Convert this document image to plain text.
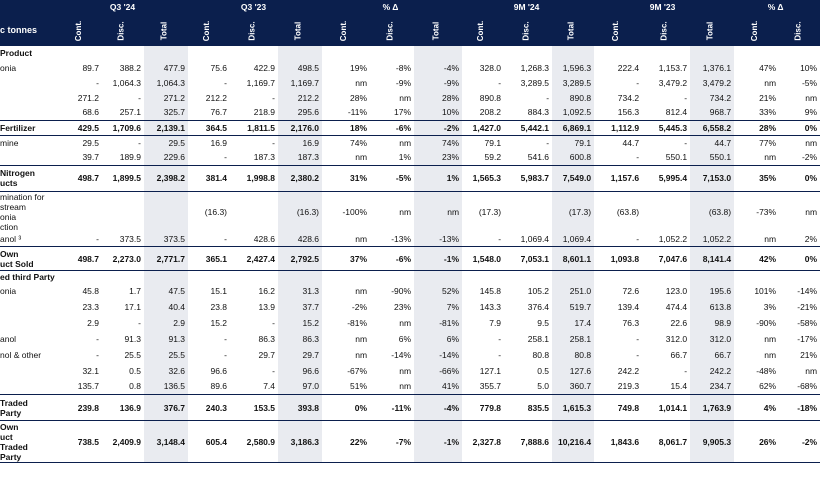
	Q3 '24			Q3 '23			% Δ			9M '24			9M '23			% Δ		
c tonnes	Cont.	Disc.	Total	Cont.	Disc.	Total	Cont.	Disc.	Total	Cont.	Disc.	Total	Cont.	Disc.	Total	Cont.	Disc.	
Product																		
onia	89.7	388.2	477.9	75.6	422.9	498.5	19%	-8%	-4%	328.0	1,268.3	1,596.3	222.4	1,153.7	1,376.1	47%	10%	
	-	1,064.3	1,064.3	-	1,169.7	1,169.7	nm	-9%	-9%	-	3,289.5	3,289.5	-	3,479.2	3,479.2	nm	-5%	
	271.2	-	271.2	212.2	-	212.2	28%	nm	28%	890.8	-	890.8	734.2	-	734.2	21%	nm	
	68.6	257.1	325.7	76.7	218.9	295.6	-11%	17%	10%	208.2	884.3	1,092.5	156.3	812.4	968.7	33%	9%	
Fertilizer	429.5	1,709.6	2,139.1	364.5	1,811.5	2,176.0	18%	-6%	-2%	1,427.0	5,442.1	6,869.1	1,112.9	5,445.3	6,558.2	28%	0%	
mine	29.5	-	29.5	16.9	-	16.9	74%	nm	74%	79.1	-	79.1	44.7	-	44.7	77%	nm	
	39.7	189.9	229.6	-	187.3	187.3	nm	1%	23%	59.2	541.6	600.8	-	550.1	550.1	nm	-2%	
Nitrogen
ucts	498.7	1,899.5	2,398.2	381.4	1,998.8	2,380.2	31%	-5%	1%	1,565.3	5,983.7	7,549.0	1,157.6	5,995.4	7,153.0	35%	0%	
mination for
stream
onia
ction				(16.3)		(16.3)	-100%	nm	nm	(17.3)		(17.3)	(63.8)		(63.8)	-73%	nm	
anol ³	-	373.5	373.5	-	428.6	428.6	nm	-13%	-13%	-	1,069.4	1,069.4	-	1,052.2	1,052.2	nm	2%	
Own
uct Sold	498.7	2,273.0	2,771.7	365.1	2,427.4	2,792.5	37%	-6%	-1%	1,548.0	7,053.1	8,601.1	1,093.8	7,047.6	8,141.4	42%	0%	
ed third Party																		
onia	45.8	1.7	47.5	15.1	16.2	31.3	nm	-90%	52%	145.8	105.2	251.0	72.6	123.0	195.6	101%	-14%	
	23.3	17.1	40.4	23.8	13.9	37.7	-2%	23%	7%	143.3	376.4	519.7	139.4	474.4	613.8	3%	-21%	
	2.9	-	2.9	15.2	-	15.2	-81%	nm	-81%	7.9	9.5	17.4	76.3	22.6	98.9	-90%	-58%	
anol	-	91.3	91.3	-	86.3	86.3	nm	6%	6%	-	258.1	258.1	-	312.0	312.0	nm	-17%	
nol & other	-	25.5	25.5	-	29.7	29.7	nm	-14%	-14%	-	80.8	80.8	-	66.7	66.7	nm	21%	
	32.1	0.5	32.6	96.6	-	96.6	-67%	nm	-66%	127.1	0.5	127.6	242.2	-	242.2	-48%	nm	
	135.7	0.8	136.5	89.6	7.4	97.0	51%	nm	41%	355.7	5.0	360.7	219.3	15.4	234.7	62%	-68%	
Traded
Party	239.8	136.9	376.7	240.3	153.5	393.8	0%	-11%	-4%	779.8	835.5	1,615.3	749.8	1,014.1	1,763.9	4%	-18%	
Own
uct
Traded
Party	738.5	2,409.9	3,148.4	605.4	2,580.9	3,186.3	22%	-7%	-1%	2,327.8	7,888.6	10,216.4	1,843.6	8,061.7	9,905.3	26%	-2%	
